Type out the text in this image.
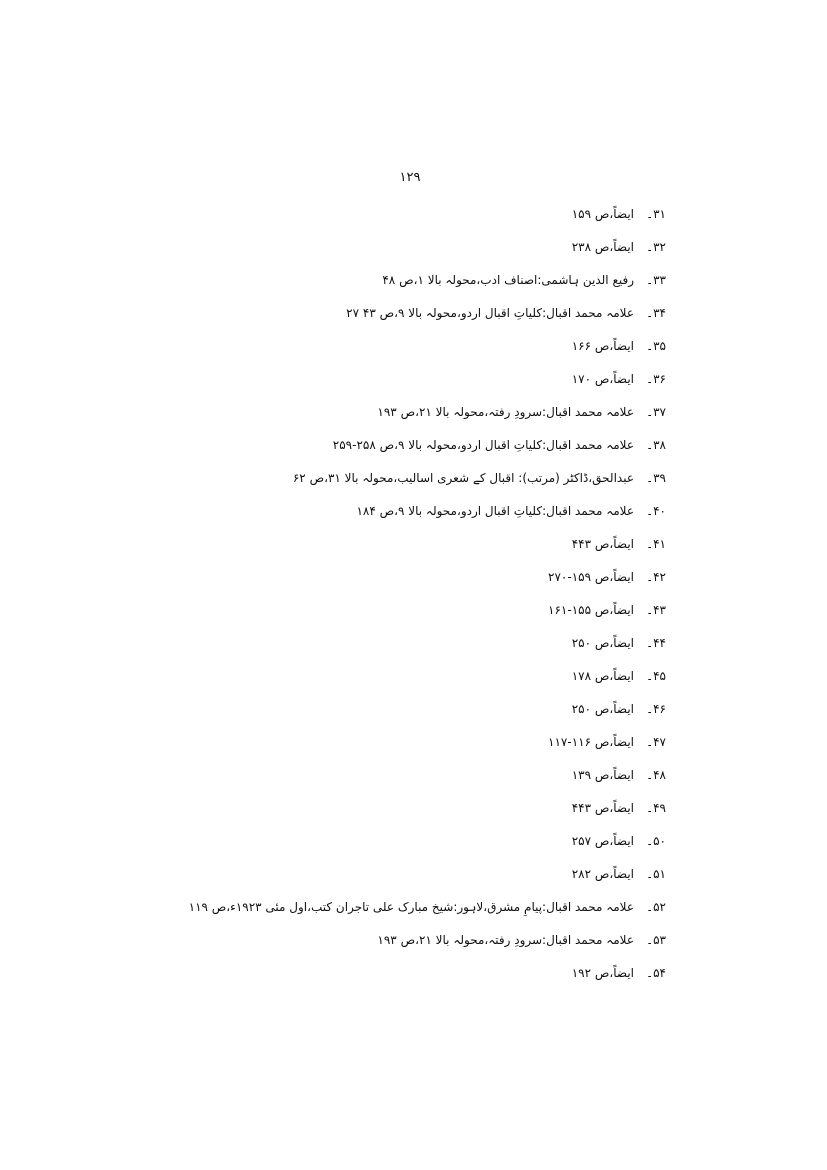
۱۲۹
۳۱۔
ایضاً،ص ۱۵۹
۳۲۔
ایضاً،ص ۲۳۸
۳۳۔
رفیع الدین ہاشمی:اصناف ادب،محولہ بالا ۱،ص ۴۸
۳۴۔
علامہ محمد اقبال:کلیاتِ اقبال اردو،محولہ بالا ۹،ص ۴۳ ۲۷
۳۵۔
ایضاً،ص ۱۶۶
۳۶۔
ایضاً،ص ۱۷۰
۳۷۔
علامہ محمد اقبال:سرودِ رفتہ،محولہ بالا ۲۱،ص ۱۹۳
۳۸۔
علامہ محمد اقبال:کلیاتِ اقبال اردو،محولہ بالا ۹،ص ۲۵۸-۲۵۹
۳۹۔
عبدالحق،ڈاکٹر (مرتب): اقبال کے شعری اسالیب،محولہ بالا ۳۱،ص ۶۲
۴۰۔
علامہ محمد اقبال:کلیاتِ اقبال اردو،محولہ بالا ۹،ص ۱۸۴
۴۱۔
ایضاً،ص ۴۴۳
۴۲۔
ایضاً،ص ۱۵۹-۲۷۰
۴۳۔
ایضاً،ص ۱۵۵-۱۶۱
۴۴۔
ایضاً،ص ۲۵۰
۴۵۔
ایضاً،ص ۱۷۸
۴۶۔
ایضاً،ص ۲۵۰
۴۷۔
ایضاً،ص ۱۱۶-۱۱۷
۴۸۔
ایضاً،ص ۱۳۹
۴۹۔
ایضاً،ص ۴۴۳
۵۰۔
ایضاً،ص ۲۵۷
۵۱۔
ایضاً،ص ۲۸۲
۵۲۔
علامہ محمد اقبال:پیامِ مشرق،لاہور:شیخ مبارک علی تاجران کتب،اول مئی ۱۹۲۳ء،ص ۱۱۹
۵۳۔
علامہ محمد اقبال:سرودِ رفتہ،محولہ بالا ۲۱،ص ۱۹۳
۵۴۔
ایضاً،ص ۱۹۲
